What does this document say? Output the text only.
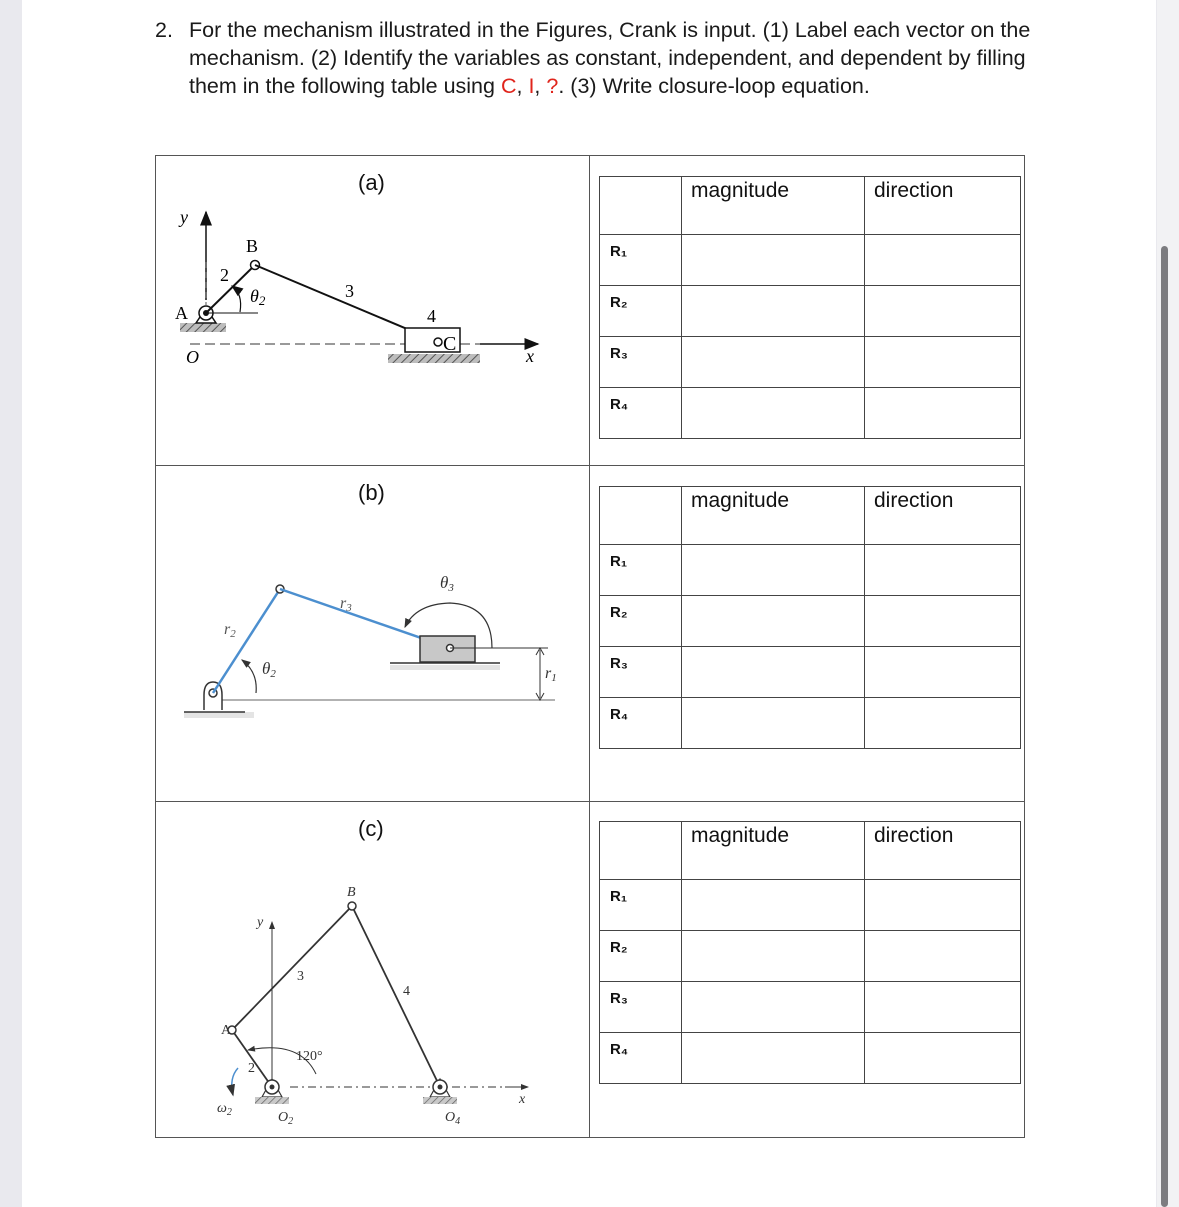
2. For the mechanism illustrated in the Figures, Crank is input. (1) Label each vector on the mechanism. (2) Identify the variables as constant, independent, and dependent by filling them in the following table using C, I, ?. (3) Write closure-loop equation.
(a)
(b)
(c)
y
B
2
θ2	3
4
A
C
O	x
r3
θ3
r2
θ2	r1
y
x
B
3
4
A
2
120°
$\omega_2$	$O_2$	$O_4$
	magnitude	direction
R₁		
R₂		
R₃		
R₄		
	magnitude	direction
R₁		
R₂		
R₃		
R₄		
	magnitude	direction
R₁		
R₂		
R₃		
R₄		
